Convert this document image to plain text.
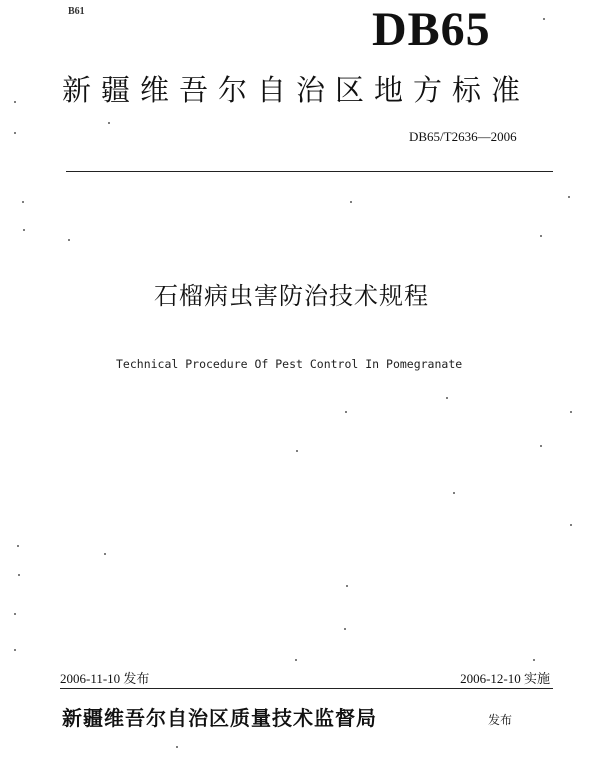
B61	DB65
新疆维吾尔自治区地方标准
DB65/T2636—2006
石榴病虫害防治技术规程
Technical Procedure Of Pest Control In Pomegranate
2006-11-10 发布	2006-12-10 实施
新疆维吾尔自治区质量技术监督局	发布
